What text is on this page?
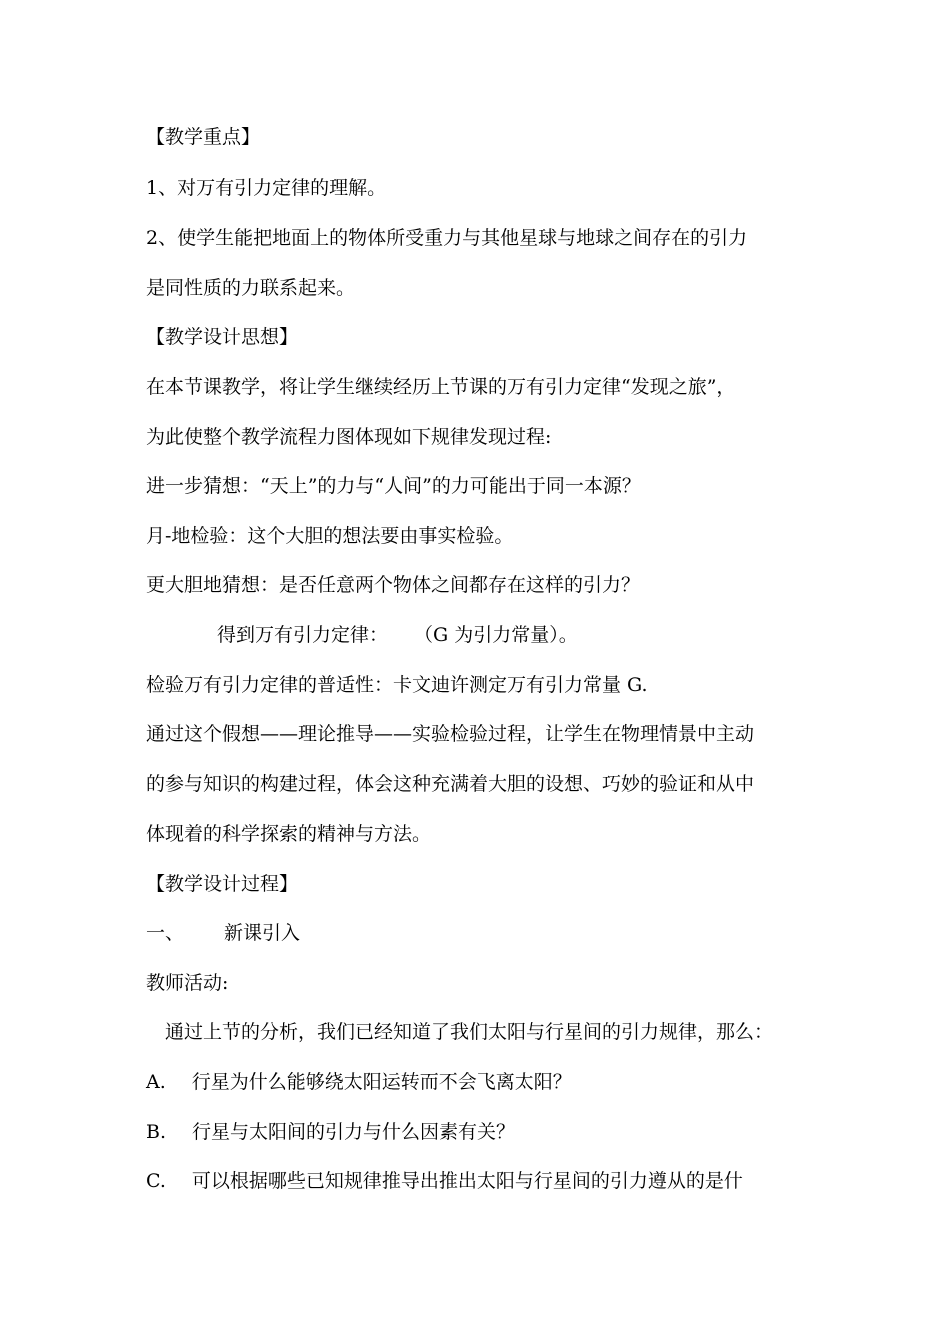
【教学重点】
1、对万有引力定律的理解。
2、使学生能把地面上的物体所受重力与其他星球与地球之间存在的引力
是同性质的力联系起来。
【教学设计思想】
在本节课教学，将让学生继续经历上节课的万有引力定律“发现之旅”，
为此使整个教学流程力图体现如下规律发现过程:
进一步猜想：“天上”的力与“人间”的力可能出于同一本源？
月-地检验：这个大胆的想法要由事实检验。
更大胆地猜想：是否任意两个物体之间都存在这样的引力？
得到万有引力定律： （G 为引力常量）。
检验万有引力定律的普适性：卡文迪许测定万有引力常量 G.
通过这个假想——理论推导——实验检验过程，让学生在物理情景中主动
的参与知识的构建过程，体会这种充满着大胆的设想、巧妙的验证和从中
体现着的科学探索的精神与方法。
【教学设计过程】
一、 新课引入
教师活动:
通过上节的分析，我们已经知道了我们太阳与行星间的引力规律，那么：
A. 行星为什么能够绕太阳运转而不会飞离太阳？
B. 行星与太阳间的引力与什么因素有关？
C. 可以根据哪些已知规律推导出推出太阳与行星间的引力遵从的是什
